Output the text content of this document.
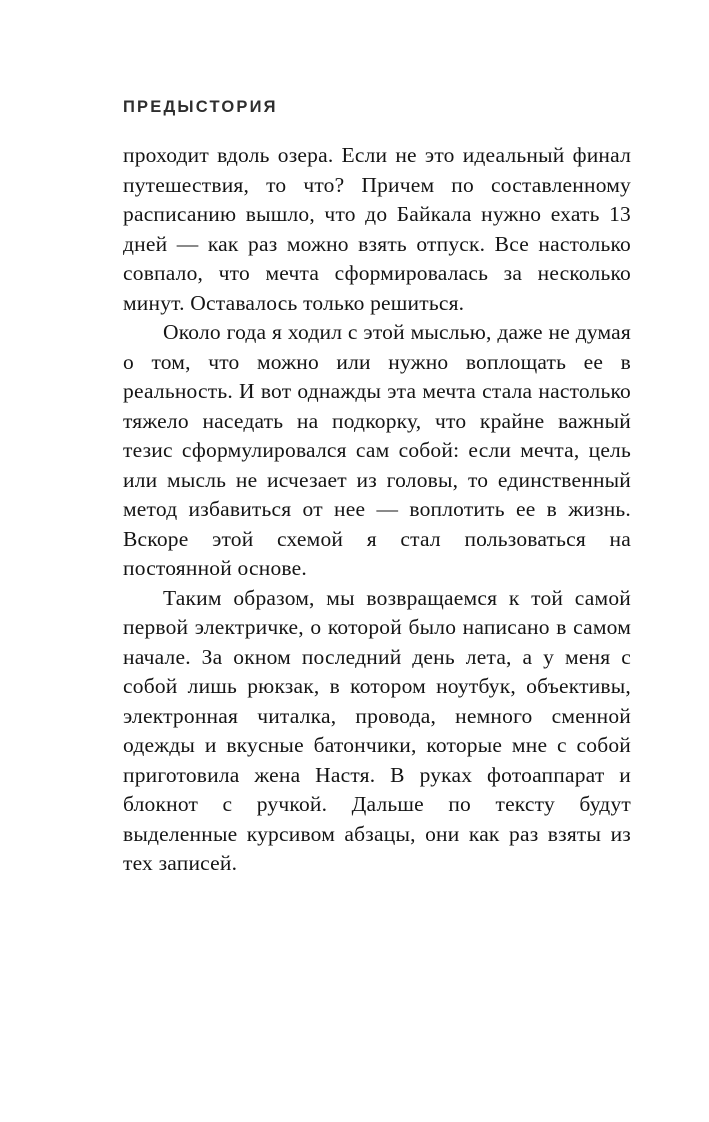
ПРЕДЫСТОРИЯ

проходит вдоль озера. Если не это идеальный финал путешествия, то что? Причем по составленному расписанию вышло, что до Байкала нужно ехать 13 дней — как раз можно взять отпуск. Все настолько совпало, что мечта сформировалась за несколько минут. Оставалось только решиться.

Около года я ходил с этой мыслью, даже не думая о том, что можно или нужно воплощать ее в реальность. И вот однажды эта мечта стала настолько тяжело наседать на подкорку, что крайне важный тезис сформулировался сам собой: если мечта, цель или мысль не исчезает из головы, то единственный метод избавиться от нее — воплотить ее в жизнь. Вскоре этой схемой я стал пользоваться на постоянной основе.

Таким образом, мы возвращаемся к той самой первой электричке, о которой было написано в самом начале. За окном последний день лета, а у меня с собой лишь рюкзак, в котором ноутбук, объективы, электронная читалка, провода, немного сменной одежды и вкусные батончики, которые мне с собой приготовила жена Настя. В руках фотоаппарат и блокнот с ручкой. Дальше по тексту будут выделенные курсивом абзацы, они как раз взяты из тех записей.
